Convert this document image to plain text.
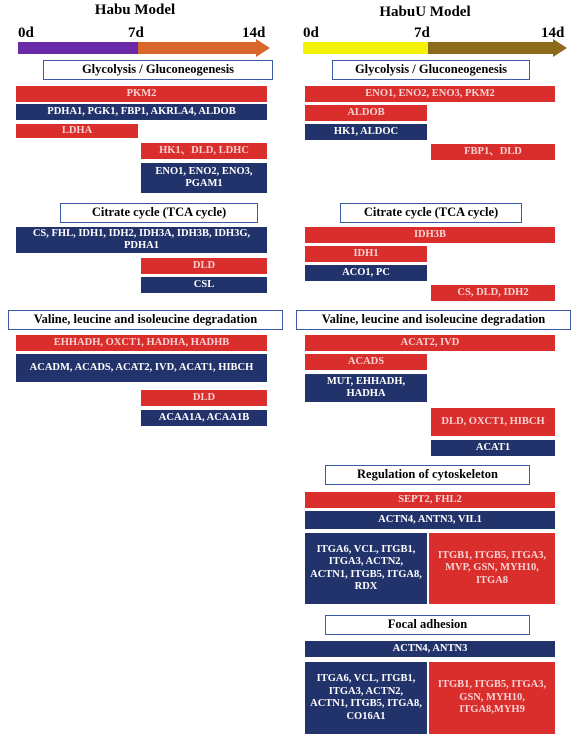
Habu Model
0d	7d	14d
Glycolysis / Gluconeogenesis
PKM2
PDHA1, PGK1, FBP1, AKRLA4, ALDOB
LDHA
HK1、DLD, LDHC
ENO1, ENO2, ENO3, PGAM1
Citrate cycle (TCA cycle)
CS, FHL, IDH1, IDH2, IDH3A, IDH3B, IDH3G, PDHA1
DLD
CSL
Valine, leucine and isoleucine degradation
EHHADH, OXCT1, HADHA, HADHB
ACADM, ACADS, ACAT2, IVD, ACAT1, HIBCH
DLD
ACAA1A, ACAA1B
HabuU Model
0d	7d	14d
Glycolysis / Gluconeogenesis
ENO1, ENO2, ENO3, PKM2
ALDOB
HK1, ALDOC
FBP1、DLD
Citrate cycle (TCA cycle)
IDH3B
IDH1
ACO1, PC
CS, DLD, IDH2
Valine, leucine and isoleucine degradation
ACAT2, IVD
ACADS
MUT, EHHADH, HADHA
DLD, OXCT1, HIBCH
ACAT1
Regulation of cytoskeleton
SEPT2, FHL2
ACTN4, ANTN3, VIL1
ITGA6, VCL, ITGB1, ITGA3, ACTN2, ACTN1, ITGB5, ITGA8, RDX
ITGB1, ITGB5, ITGA3, MVP, GSN, MYH10, ITGA8
Focal adhesion
ACTN4, ANTN3
ITGA6, VCL, ITGB1, ITGA3, ACTN2, ACTN1, ITGB5, ITGA8, CO16A1
ITGB1, ITGB5, ITGA3, GSN, MYH10, ITGA8,MYH9
